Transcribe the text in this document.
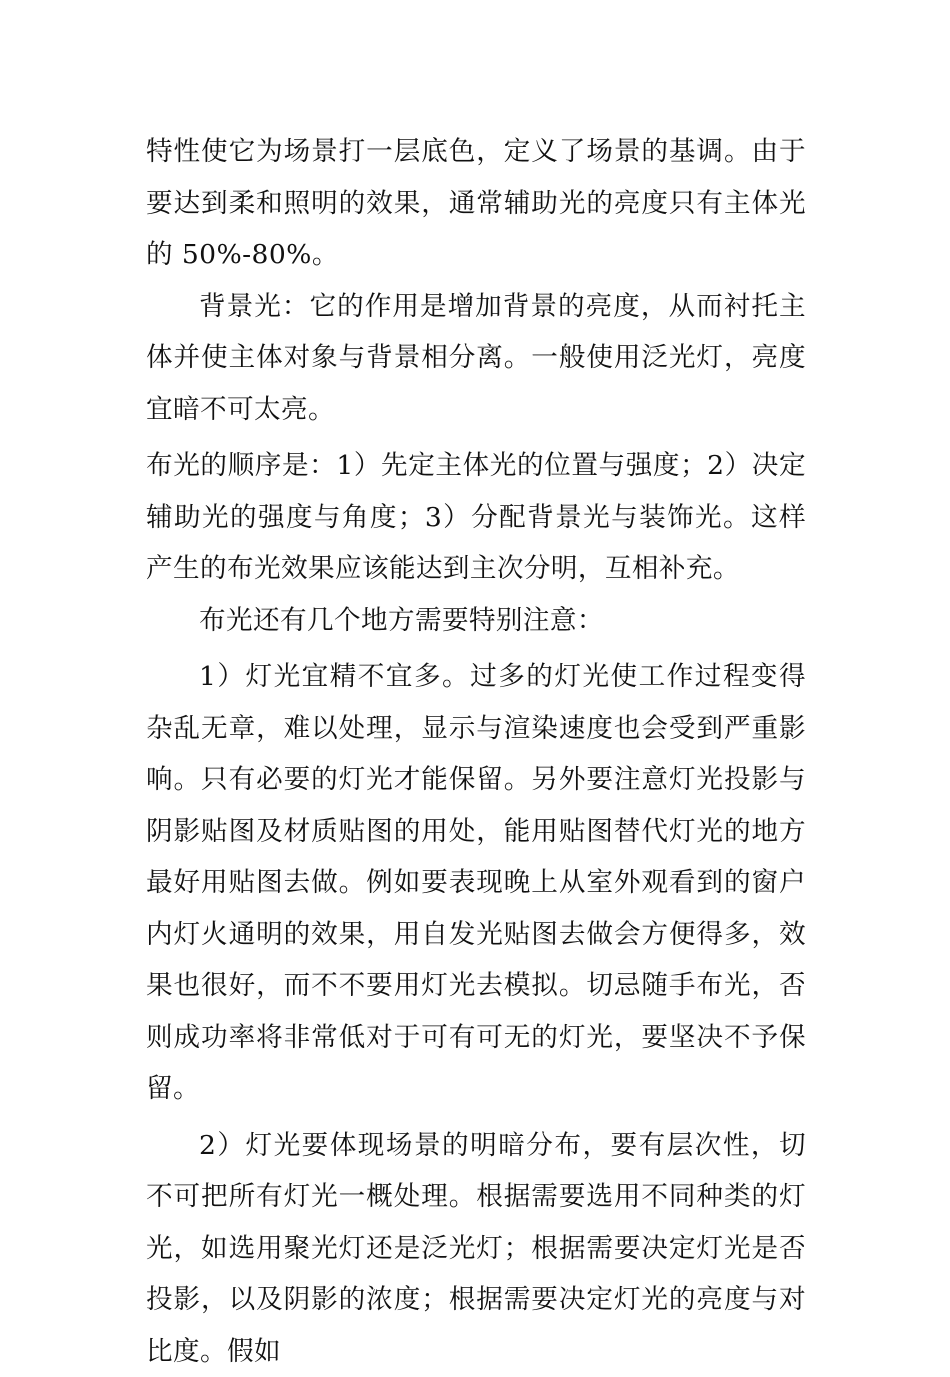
特性使它为场景打一层底色，定义了场景的基调。由于要达到柔和照明的效果，通常辅助光的亮度只有主体光的 50%-80%。

背景光：它的作用是增加背景的亮度，从而衬托主体并使主体对象与背景相分离。一般使用泛光灯，亮度宜暗不可太亮。

布光的顺序是：1）先定主体光的位置与强度；2）决定辅助光的强度与角度；3）分配背景光与装饰光。这样产生的布光效果应该能达到主次分明，互相补充。

布光还有几个地方需要特别注意：

1）灯光宜精不宜多。过多的灯光使工作过程变得杂乱无章，难以处理，显示与渲染速度也会受到严重影响。只有必要的灯光才能保留。另外要注意灯光投影与阴影贴图及材质贴图的用处，能用贴图替代灯光的地方最好用贴图去做。例如要表现晚上从室外观看到的窗户内灯火通明的效果，用自发光贴图去做会方便得多，效果也很好，而不不要用灯光去模拟。切忌随手布光，否则成功率将非常低对于可有可无的灯光，要坚决不予保留。

2）灯光要体现场景的明暗分布，要有层次性，切不可把所有灯光一概处理。根据需要选用不同种类的灯光，如选用聚光灯还是泛光灯；根据需要决定灯光是否投影，以及阴影的浓度；根据需要决定灯光的亮度与对比度。假如
